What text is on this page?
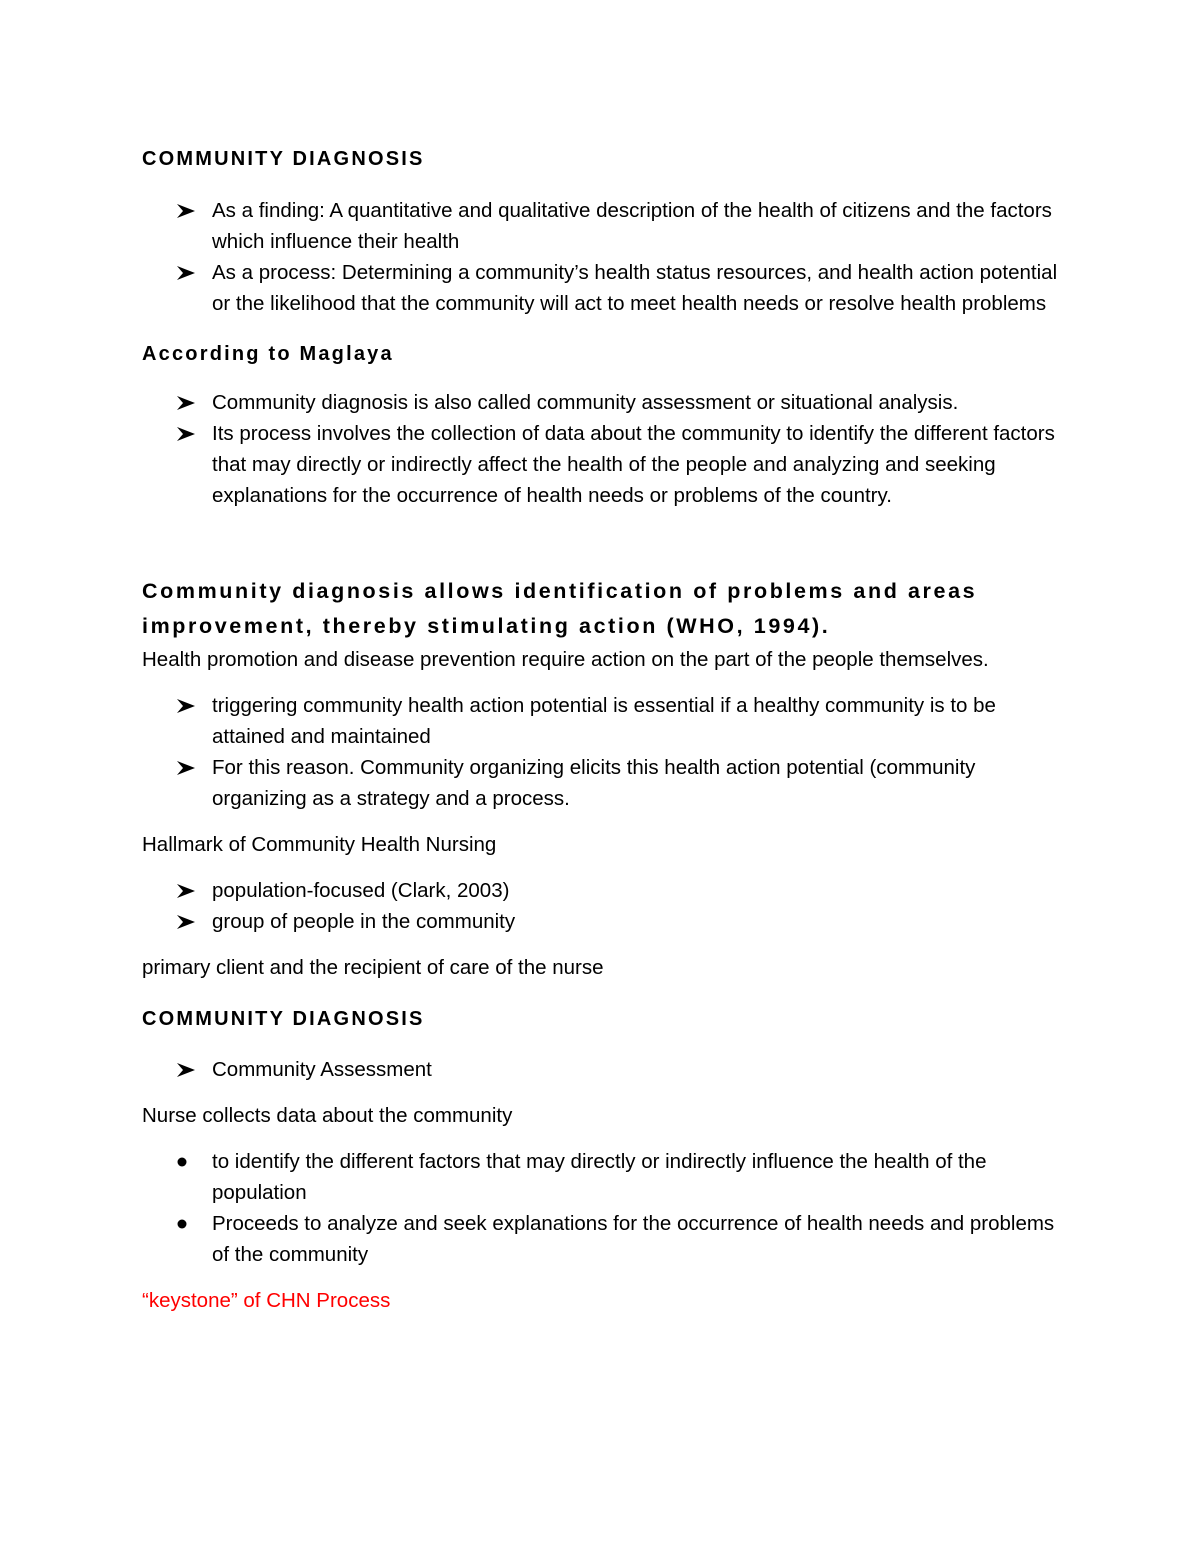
COMMUNITY DIAGNOSIS
As a finding: A quantitative and qualitative description of the health of citizens and the factors which influence their health
As a process: Determining a community’s health status resources, and health action potential or the likelihood that the community will act to meet health needs or resolve health problems
According to Maglaya
Community diagnosis is also called community assessment or situational analysis.
Its process involves the collection of data about the community to identify the different factors that may directly or indirectly affect the health of the people and analyzing and seeking explanations for the occurrence of health needs or problems of the country.
Community diagnosis allows identification of problems and areas improvement, thereby stimulating action (WHO, 1994).

Health promotion and disease prevention require action on the part of the people themselves.

triggering community health action potential is essential if a healthy community is to be attained and maintained
For this reason. Community organizing elicits this health action potential (community organizing as a strategy and a process.

Hallmark of Community Health Nursing

population-focused (Clark, 2003)
group of people in the community

primary client and the recipient of care of the nurse

COMMUNITY DIAGNOSIS
Community Assessment

Nurse collects data about the community

to identify the different factors that may directly or indirectly influence the health of the population
Proceeds to analyze and seek explanations for the occurrence of health needs and problems of the community

“keystone” of CHN Process
